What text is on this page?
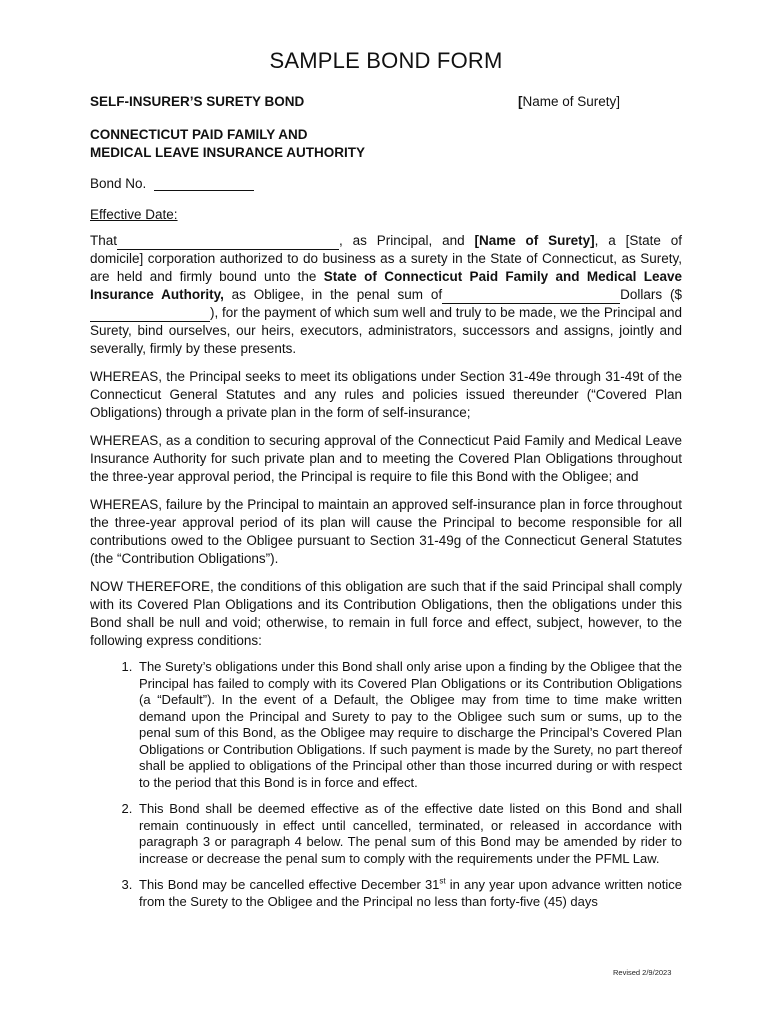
SAMPLE BOND FORM
SELF-INSURER’S SURETY BOND	[Name of Surety]
CONNECTICUT PAID FAMILY AND
MEDICAL LEAVE INSURANCE AUTHORITY
Bond No.
Effective Date:

That	, as Principal, and [Name of Surety], a [State of domicile] corporation authorized to do business as a surety in the State of Connecticut, as Surety, are held and firmly bound unto the State of Connecticut Paid Family and Medical Leave Insurance Authority, as Obligee, in the penal sum of	Dollars ($), for the payment of which sum well and truly to be made, we the Principal and Surety, bind ourselves, our heirs, executors, administrators, successors and assigns, jointly and severally, firmly by these presents.

WHEREAS, the Principal seeks to meet its obligations under Section 31-49e through 31-49t of the Connecticut General Statutes and any rules and policies issued thereunder (“Covered Plan Obligations) through a private plan in the form of self-insurance;

WHEREAS, as a condition to securing approval of the Connecticut Paid Family and Medical Leave Insurance Authority for such private plan and to meeting the Covered Plan Obligations throughout the three-year approval period, the Principal is require to file this Bond with the Obligee; and

WHEREAS, failure by the Principal to maintain an approved self-insurance plan in force throughout the three-year approval period of its plan will cause the Principal to become responsible for all contributions owed to the Obligee pursuant to Section 31-49g of the Connecticut General Statutes (the “Contribution Obligations”).

NOW THEREFORE, the conditions of this obligation are such that if the said Principal shall comply with its Covered Plan Obligations and its Contribution Obligations, then the obligations under this Bond shall be null and void; otherwise, to remain in full force and effect, subject, however, to the following express conditions:

1. The Surety’s obligations under this Bond shall only arise upon a finding by the Obligee that the Principal has failed to comply with its Covered Plan Obligations or its Contribution Obligations (a “Default”). In the event of a Default, the Obligee may from time to time make written demand upon the Principal and Surety to pay to the Obligee such sum or sums, up to the penal sum of this Bond, as the Obligee may require to discharge the Principal’s Covered Plan Obligations or Contribution Obligations. If such payment is made by the Surety, no part thereof shall be applied to obligations of the Principal other than those incurred during or with respect to the period that this Bond is in force and effect.
2. This Bond shall be deemed effective as of the effective date listed on this Bond and shall remain continuously in effect until cancelled, terminated, or released in accordance with paragraph 3 or paragraph 4 below. The penal sum of this Bond may be amended by rider to increase or decrease the penal sum to comply with the requirements under the PFML Law.
3. This Bond may be cancelled effective December 31st in any year upon advance written notice from the Surety to the Obligee and the Principal no less than forty-five (45) days
Revised 2/9/2023
